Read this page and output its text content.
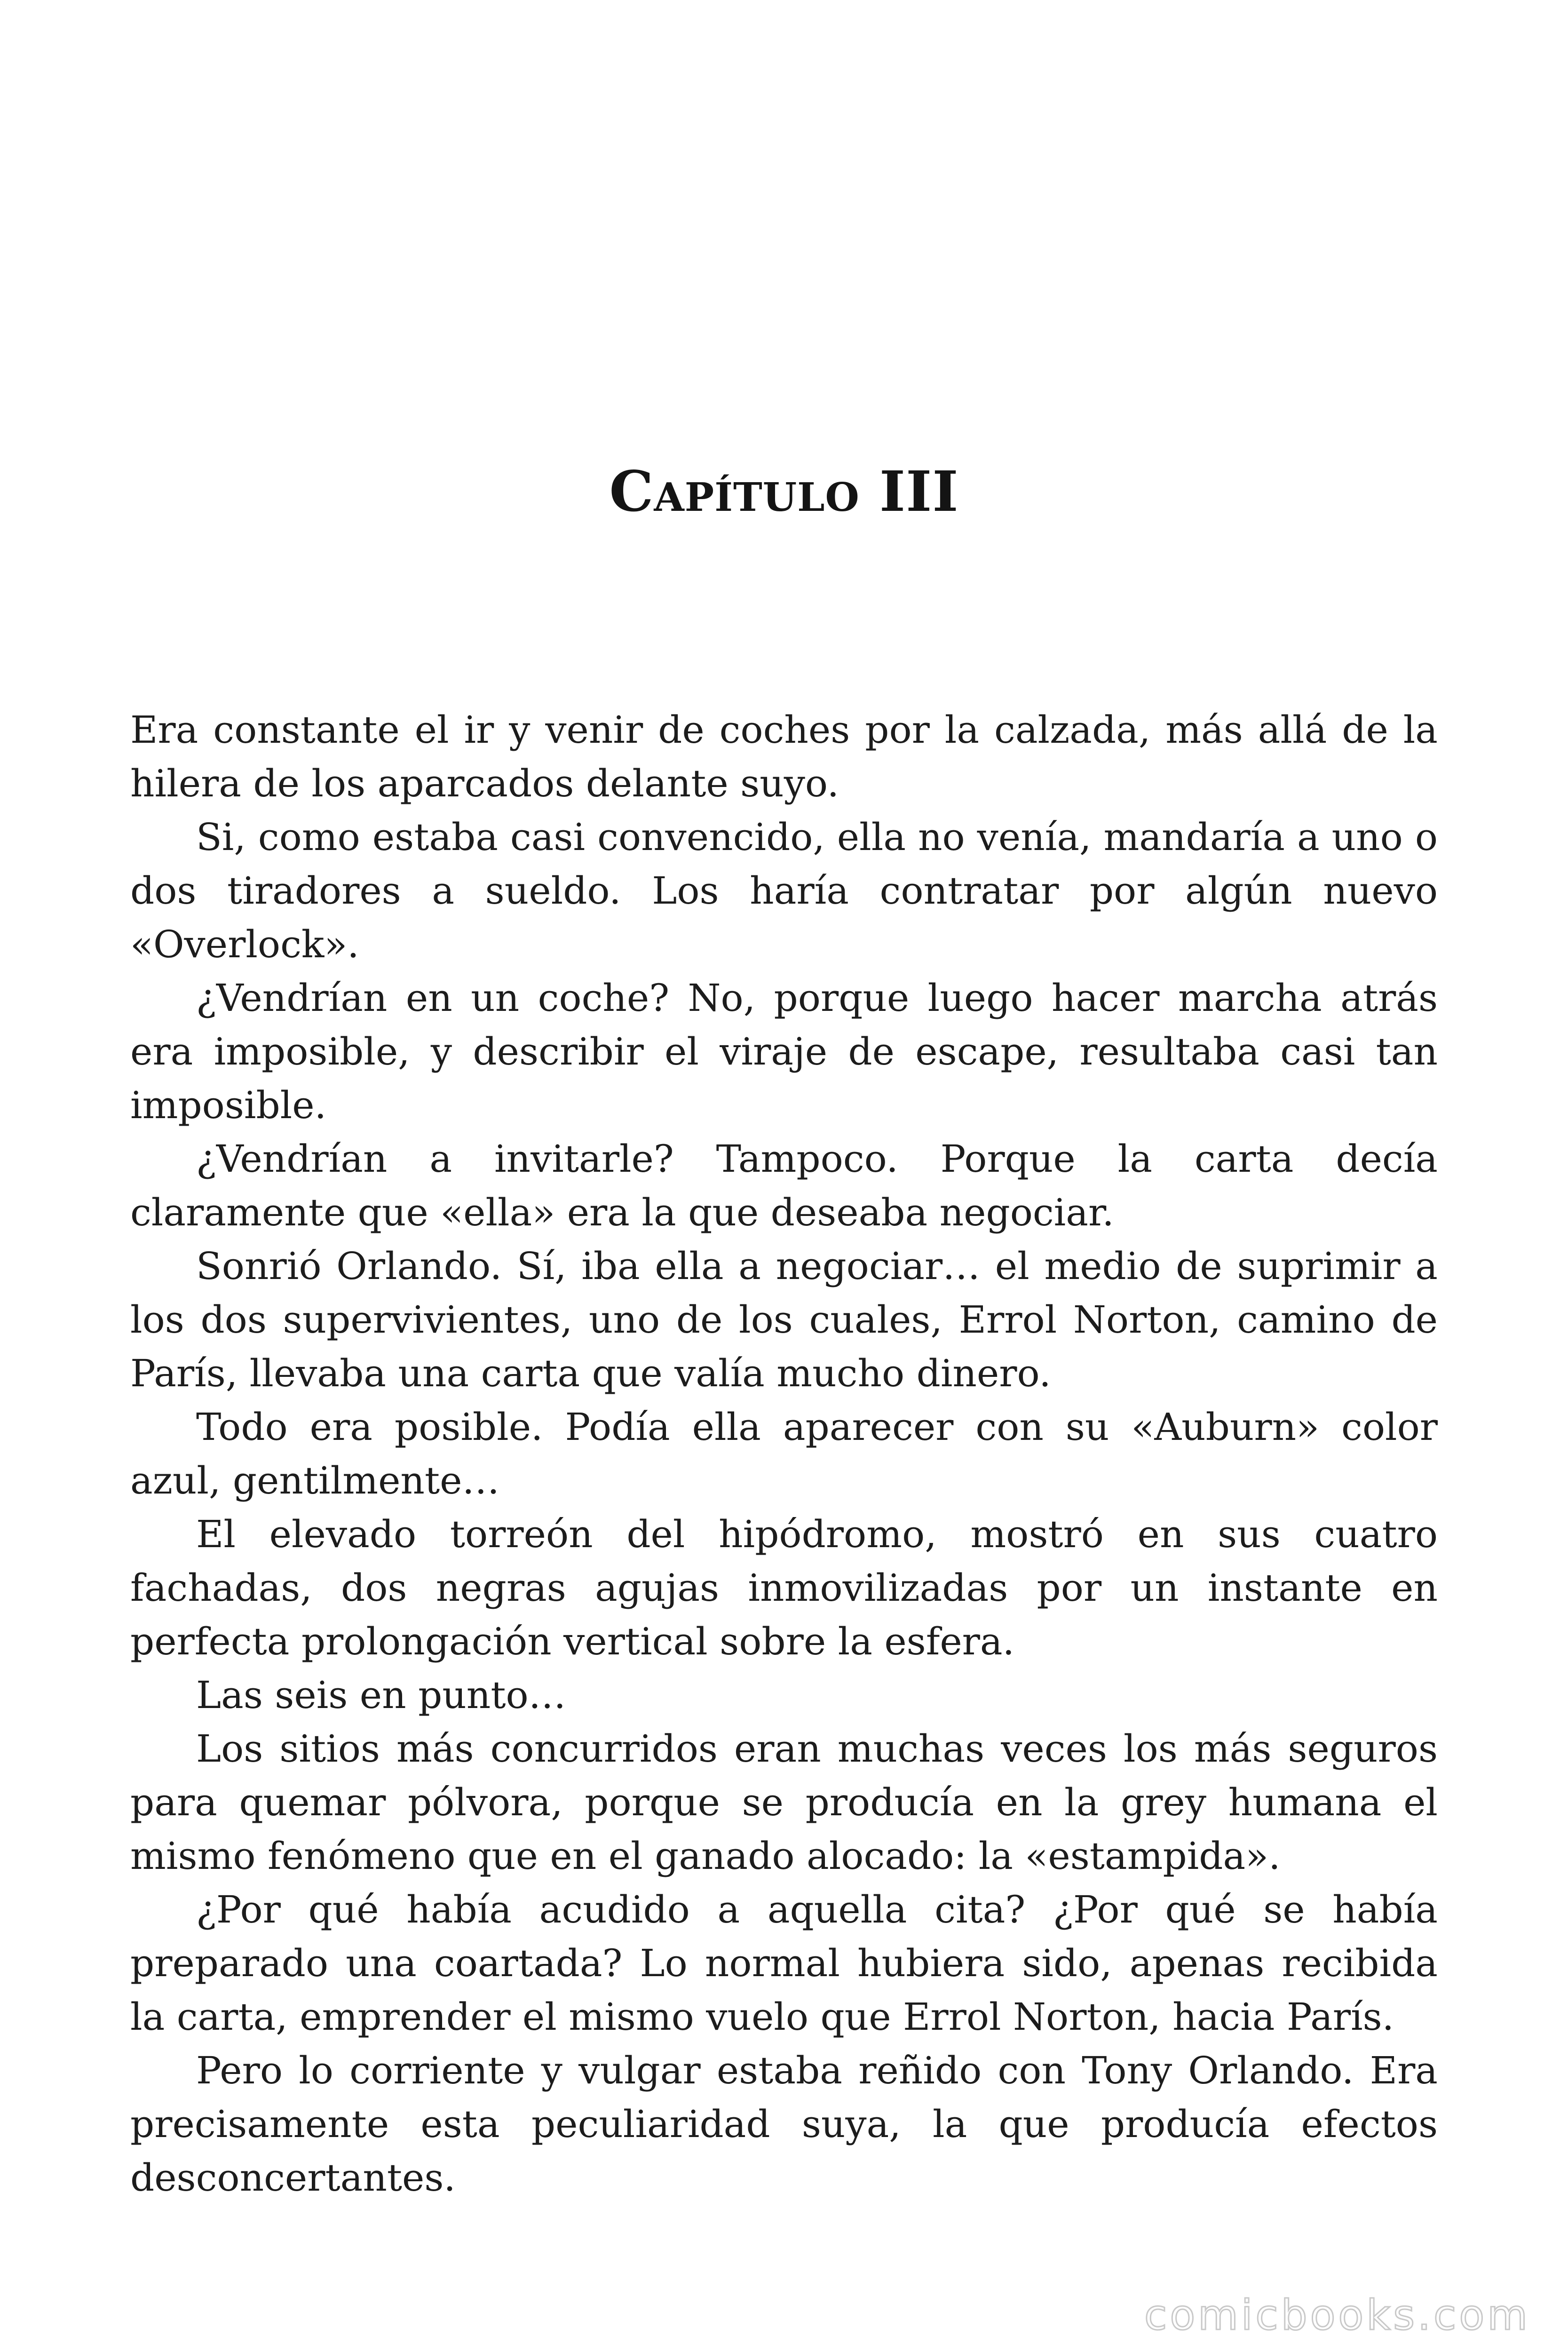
Capítulo III

Era constante el ir y venir de coches por la calzada, más allá de la hilera de los aparcados delante suyo.

Si, como estaba casi convencido, ella no venía, mandaría a uno o dos tiradores a sueldo. Los haría contratar por algún nuevo «Overlock».

¿Vendrían en un coche? No, porque luego hacer marcha atrás era imposible, y describir el viraje de escape, resultaba casi tan imposible.

¿Vendrían a invitarle? Tampoco. Porque la carta decía claramente que «ella» era la que deseaba negociar.

Sonrió Orlando. Sí, iba ella a negociar… el medio de suprimir a los dos supervivientes, uno de los cuales, Errol Norton, camino de París, llevaba una carta que valía mucho dinero.

Todo era posible. Podía ella aparecer con su «Auburn» color azul, gentilmente…

El elevado torreón del hipódromo, mostró en sus cuatro fachadas, dos negras agujas inmovilizadas por un instante en perfecta prolongación vertical sobre la esfera.

Las seis en punto…

Los sitios más concurridos eran muchas veces los más seguros para quemar pólvora, porque se producía en la grey humana el mismo fenómeno que en el ganado alocado: la «estampida».

¿Por qué había acudido a aquella cita? ¿Por qué se había preparado una coartada? Lo normal hubiera sido, apenas recibida la carta, emprender el mismo vuelo que Errol Norton, hacia París.

Pero lo corriente y vulgar estaba reñido con Tony Orlando. Era precisamente esta peculiaridad suya, la que producía efectos desconcertantes.

comicbooks.com
